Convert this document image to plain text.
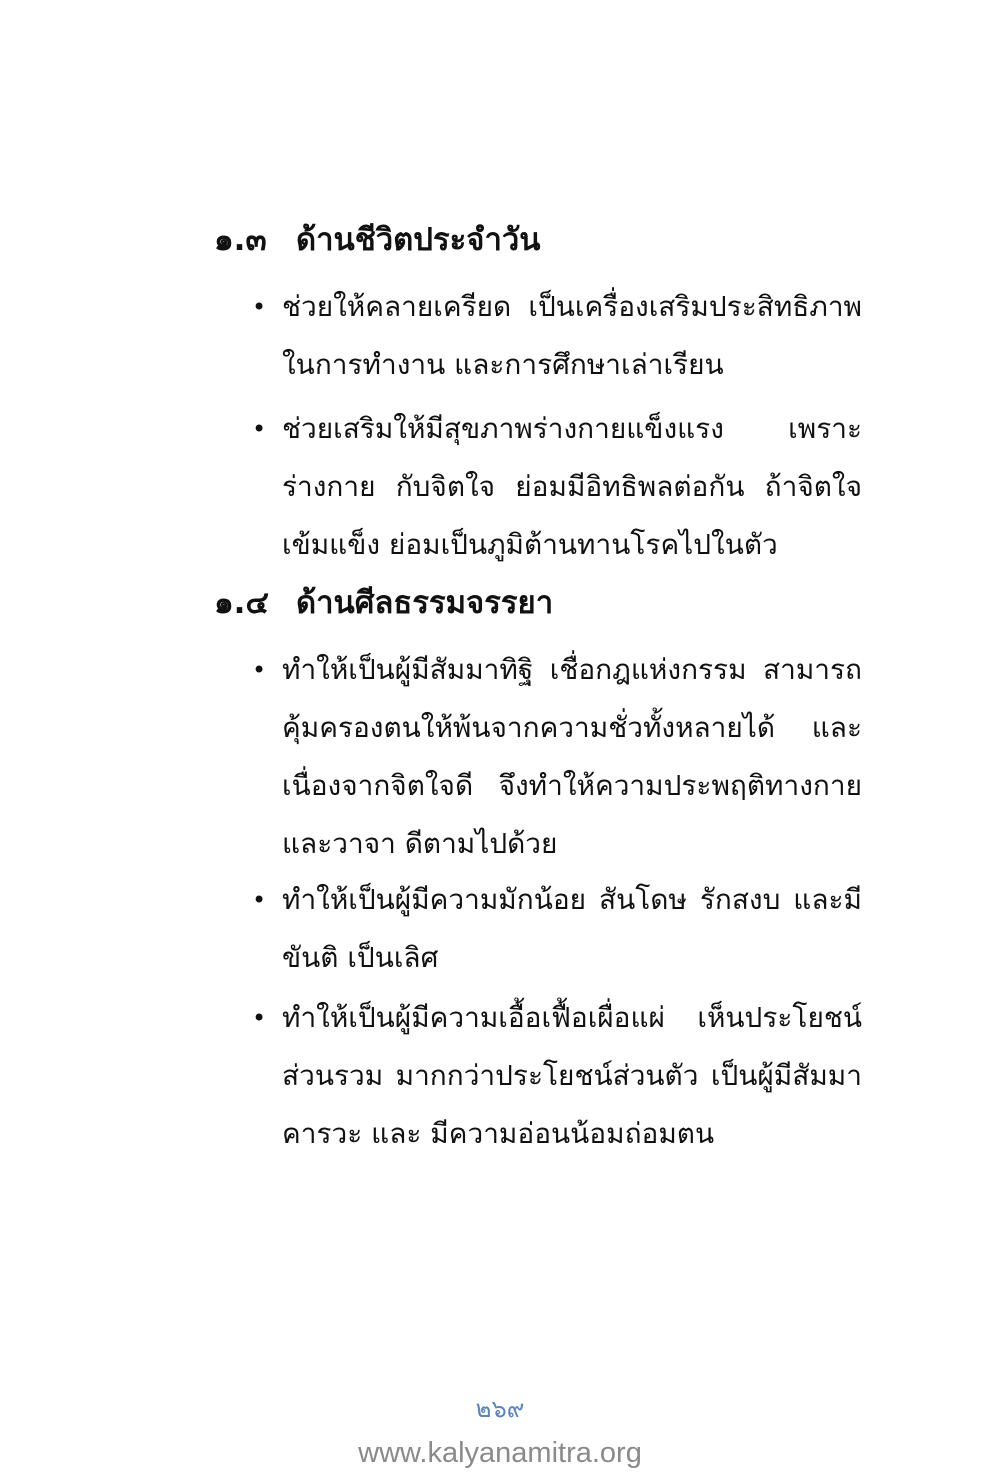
๑.๓ ด้านชีวิตประจำวัน
• ช่วยให้คลายเครียด เป็นเครื่องเสริมประสิทธิภาพ ในการทำงาน และการศึกษาเล่าเรียน
• ช่วยเสริมให้มีสุขภาพร่างกายแข็งแรง เพราะร่างกาย กับจิตใจ ย่อมมีอิทธิพลต่อกัน ถ้าจิตใจเข้มแข็ง ย่อมเป็นภูมิต้านทานโรคไปในตัว
๑.๔ ด้านศีลธรรมจรรยา
• ทำให้เป็นผู้มีสัมมาทิฐิ เชื่อกฎแห่งกรรม สามารถ คุ้มครองตนให้พ้นจากความชั่วทั้งหลายได้ และ เนื่องจากจิตใจดี จึงทำให้ความประพฤติทางกาย และวาจา ดีตามไปด้วย
• ทำให้เป็นผู้มีความมักน้อย สันโดษ รักสงบ และมีขันติ เป็นเลิศ
• ทำให้เป็นผู้มีความเอื้อเฟื้อเผื่อแผ่ เห็นประโยชน์ส่วนรวม มากกว่าประโยชน์ส่วนตัว เป็นผู้มีสัมมาคารวะ และ มีความอ่อนน้อมถ่อมตน
๒๖๙
www.kalyanamitra.org
